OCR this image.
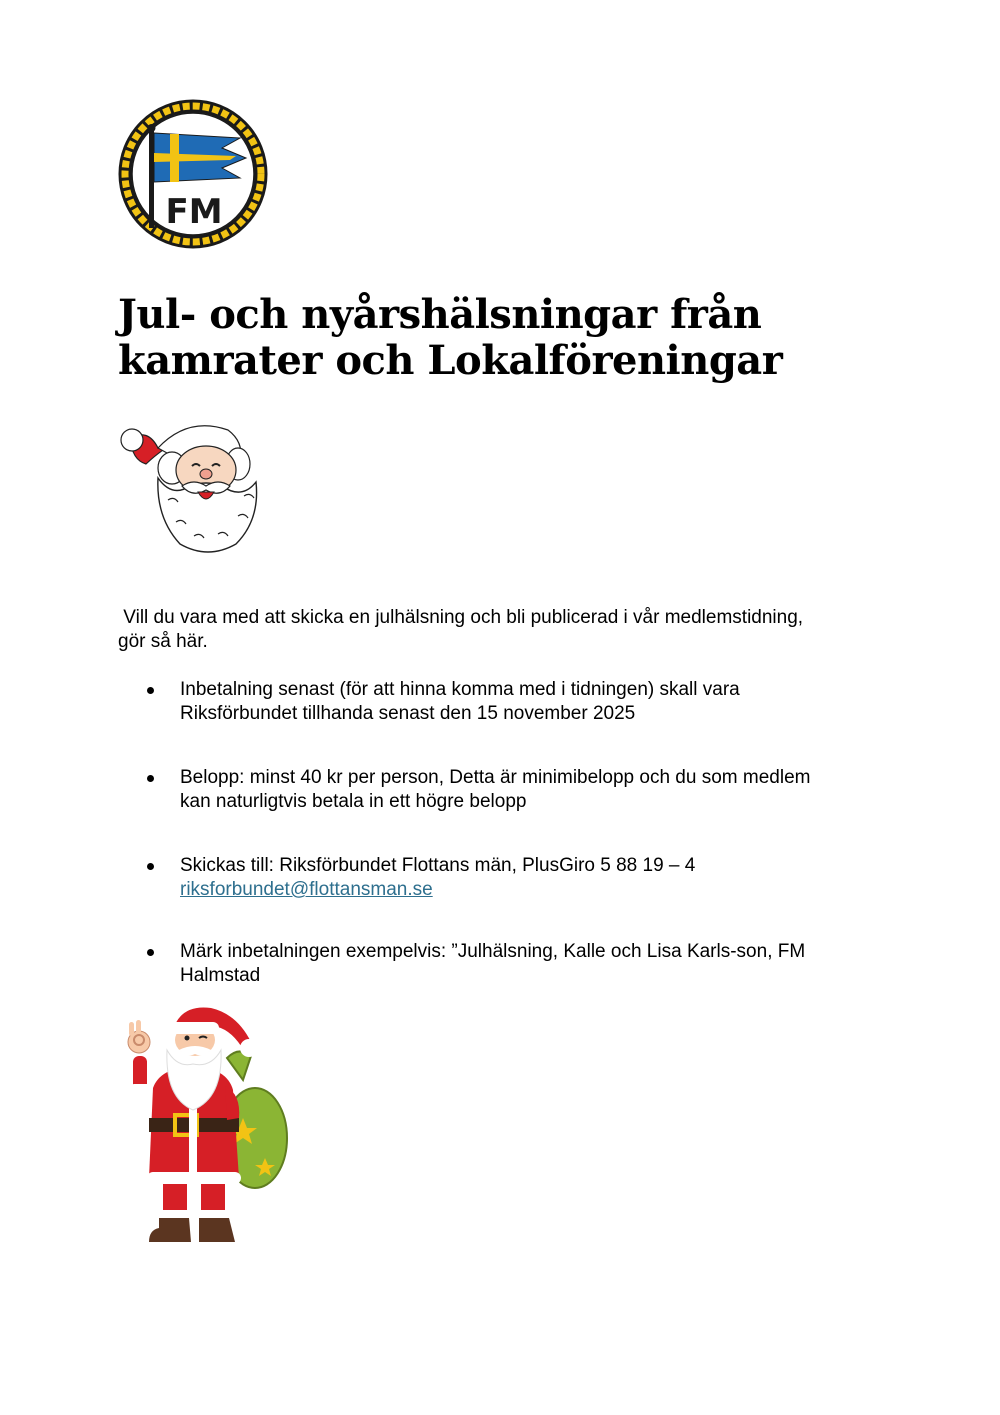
FM
Jul- och nyårshälsningar från
kamrater och Lokalföreningar

Vill du vara med att skicka en julhälsning och bli publicerad i vår medlemstidning,
gör så här.

Inbetalning senast (för att hinna komma med i tidningen) skall vara
Riksförbundet tillhanda senast den 15 november 2025
Belopp: minst 40 kr per person, Detta är minimibelopp och du som medlem
kan naturligtvis betala in ett högre belopp
Skickas till: Riksförbundet Flottans män, PlusGiro 5 88 19 – 4
riksforbundet@flottansman.se
Märk inbetalningen exempelvis: ”Julhälsning, Kalle och Lisa Karls-son, FM
Halmstad
